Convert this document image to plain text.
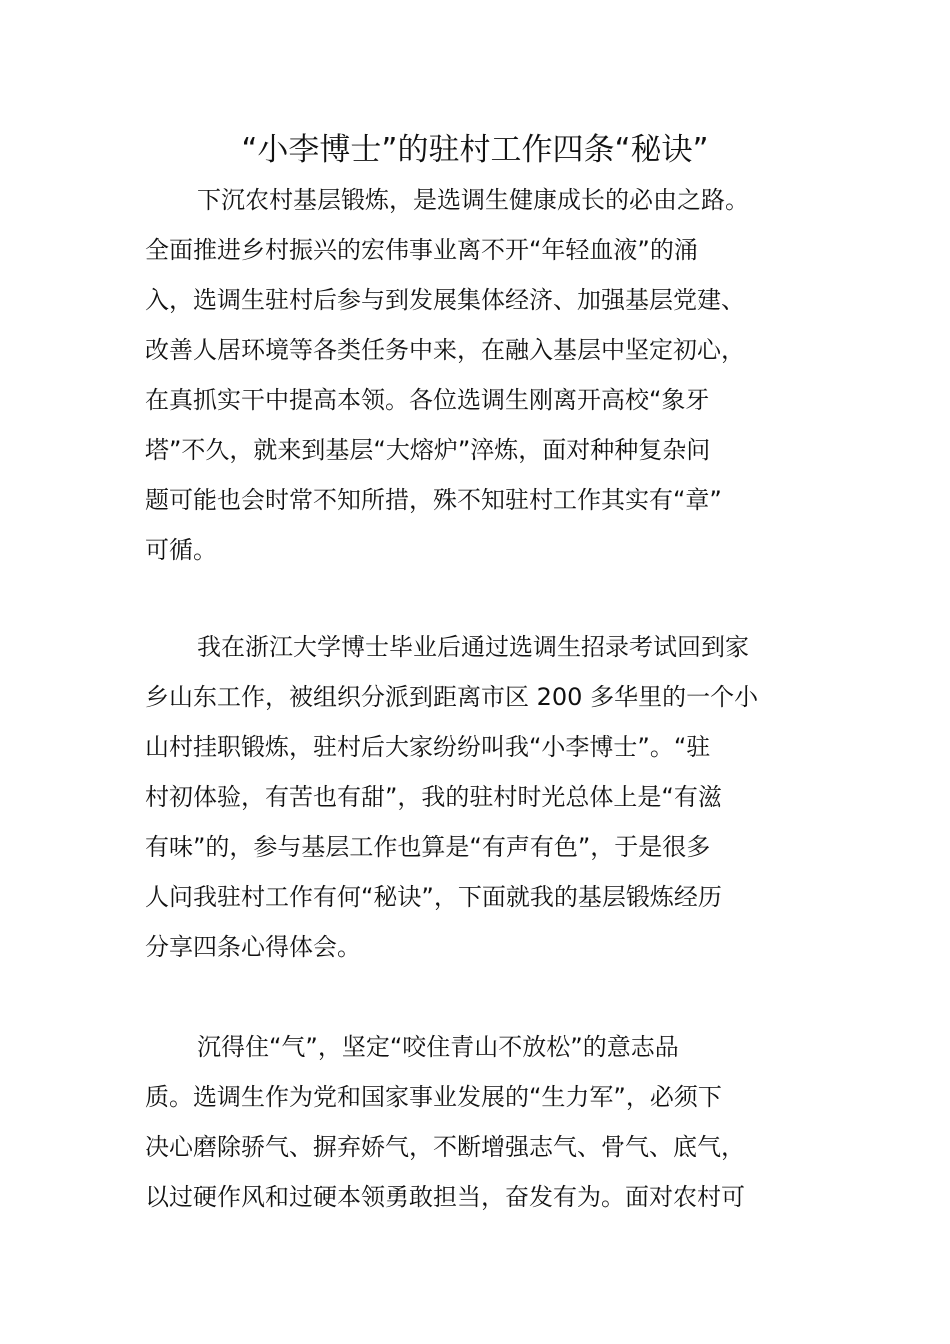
“小李博士”的驻村工作四条“秘诀”
下沉农村基层锻炼，是选调生健康成长的必由之路。
全面推进乡村振兴的宏伟事业离不开“年轻血液”的涌
入，选调生驻村后参与到发展集体经济、加强基层党建、
改善人居环境等各类任务中来，在融入基层中坚定初心，
在真抓实干中提高本领。各位选调生刚离开高校“象牙
塔”不久，就来到基层“大熔炉”淬炼，面对种种复杂问
题可能也会时常不知所措，殊不知驻村工作其实有“章”
可循。
我在浙江大学博士毕业后通过选调生招录考试回到家
乡山东工作，被组织分派到距离市区 200 多华里的一个小
山村挂职锻炼，驻村后大家纷纷叫我“小李博士”。“驻
村初体验，有苦也有甜”，我的驻村时光总体上是“有滋
有味”的，参与基层工作也算是“有声有色”，于是很多
人问我驻村工作有何“秘诀”，下面就我的基层锻炼经历
分享四条心得体会。
沉得住“气”，坚定“咬住青山不放松”的意志品
质。选调生作为党和国家事业发展的“生力军”，必须下
决心磨除骄气、摒弃娇气，不断增强志气、骨气、底气，
以过硬作风和过硬本领勇敢担当，奋发有为。面对农村可
